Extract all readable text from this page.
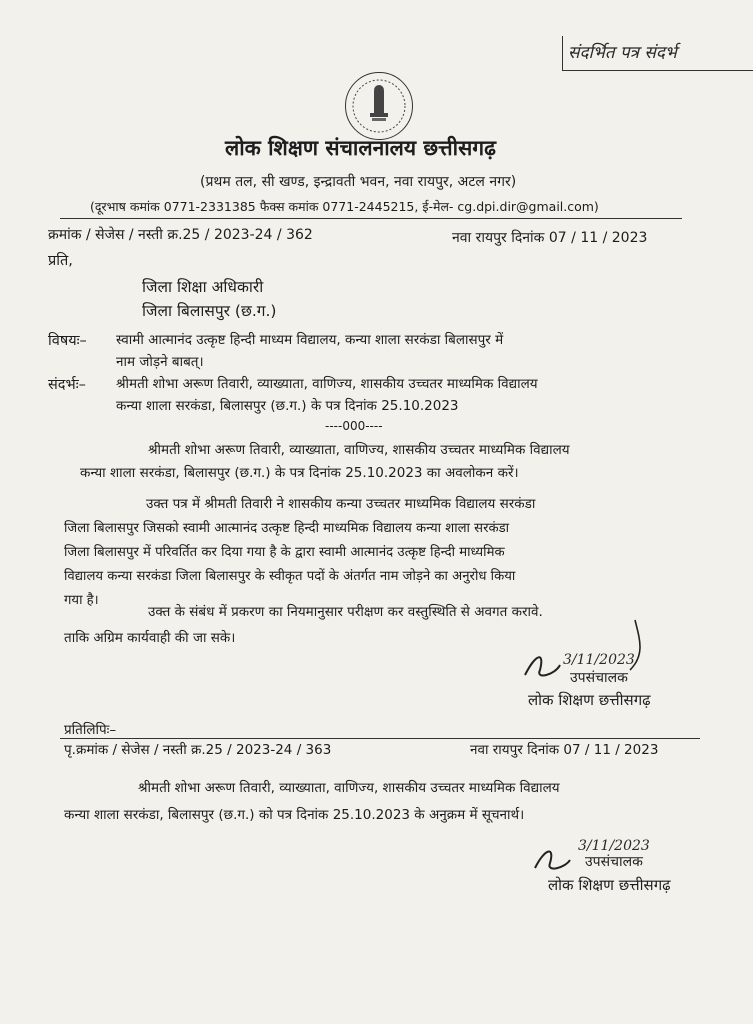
संदर्भित पत्र संदर्भ
लोक शिक्षण संचालनालय छत्तीसगढ़
(प्रथम तल, सी खण्ड, इन्द्रावती भवन, नवा रायपुर, अटल नगर)
(दूरभाष कमांक 0771-2331385 फैक्स कमांक 0771-2445215, ई-मेल- cg.dpi.dir@gmail.com)
क्रमांक / सेजेस / नस्ती क्र.25 / 2023-24 / 362	नवा रायपुर दिनांक 07 / 11 / 2023
प्रति,
जिला शिक्षा अधिकारी
जिला बिलासपुर (छ.ग.)
विषयः– स्वामी आत्मानंद उत्कृष्ट हिन्दी माध्यम विद्यालय, कन्या शाला सरकंडा बिलासपुर में
नाम जोड़ने बाबत्।
संदर्भः– श्रीमती शोभा अरूण तिवारी, व्याख्याता, वाणिज्य, शासकीय उच्चतर माध्यमिक विद्यालय
कन्या शाला सरकंडा, बिलासपुर (छ.ग.) के पत्र दिनांक 25.10.2023
----000----
श्रीमती शोभा अरूण तिवारी, व्याख्याता, वाणिज्य, शासकीय उच्चतर माध्यमिक विद्यालय
कन्या शाला सरकंडा, बिलासपुर (छ.ग.) के पत्र दिनांक 25.10.2023 का अवलोकन करें।
उक्त पत्र में श्रीमती तिवारी ने शासकीय कन्या उच्चतर माध्यमिक विद्यालय सरकंडा
जिला बिलासपुर जिसको स्वामी आत्मानंद उत्कृष्ट हिन्दी माध्यमिक विद्यालय कन्या शाला सरकंडा
जिला बिलासपुर में परिवर्तित कर दिया गया है के द्वारा स्वामी आत्मानंद उत्कृष्ट हिन्दी माध्यमिक
विद्यालय कन्या सरकंडा जिला बिलासपुर के स्वीकृत पदों के अंतर्गत नाम जोड़ने का अनुरोध किया
गया है।
उक्त के संबंध में प्रकरण का नियमानुसार परीक्षण कर वस्तुस्थिति से अवगत करावे.
ताकि अग्रिम कार्यवाही की जा सके।
3/11/2023
उपसंचालक
लोक शिक्षण छत्तीसगढ़
प्रतिलिपिः–
पृ.क्रमांक / सेजेस / नस्ती क्र.25 / 2023-24 / 363	नवा रायपुर दिनांक 07 / 11 / 2023
श्रीमती शोभा अरूण तिवारी, व्याख्याता, वाणिज्य, शासकीय उच्चतर माध्यमिक विद्यालय
कन्या शाला सरकंडा, बिलासपुर (छ.ग.) को पत्र दिनांक 25.10.2023 के अनुक्रम में सूचनार्थ।
3/11/2023
उपसंचालक
लोक शिक्षण छत्तीसगढ़
